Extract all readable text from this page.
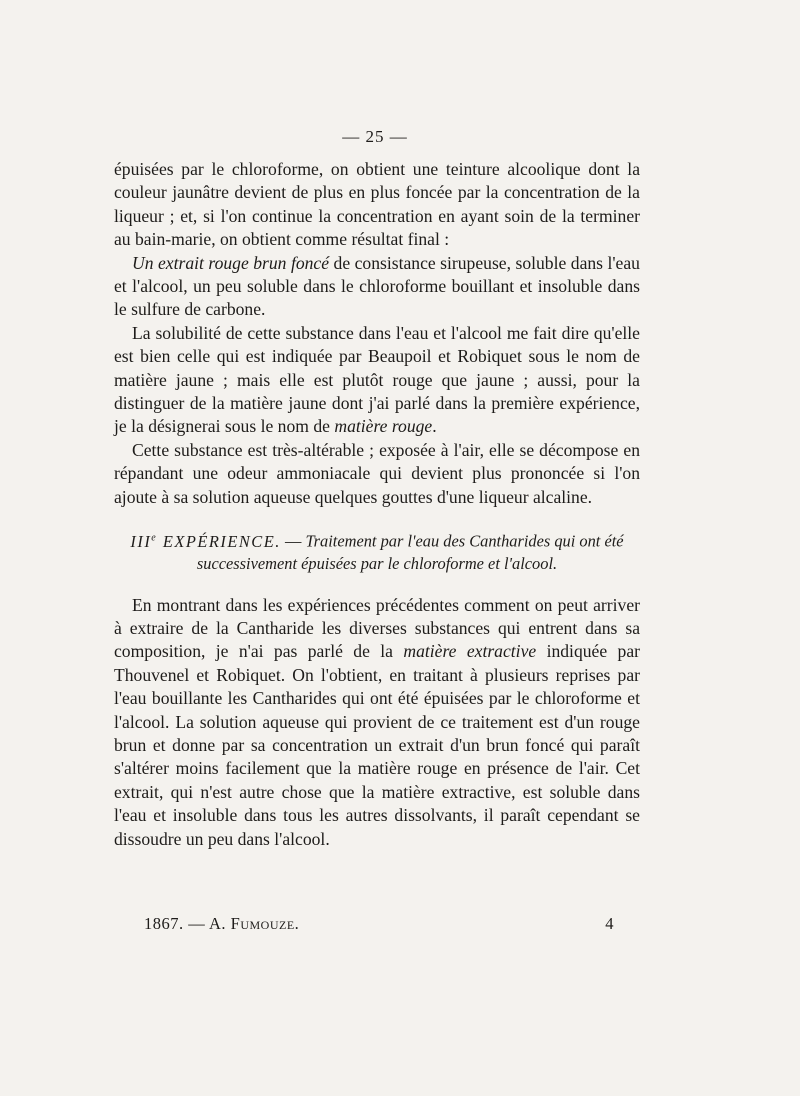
— 25 —

épuisées par le chloroforme, on obtient une teinture alcoolique dont la couleur jaunâtre devient de plus en plus foncée par la concentration de la liqueur ; et, si l'on continue la concentration en ayant soin de la terminer au bain-marie, on obtient comme résultat final :

Un extrait rouge brun foncé de consistance sirupeuse, soluble dans l'eau et l'alcool, un peu soluble dans le chloroforme bouillant et insoluble dans le sulfure de carbone.

La solubilité de cette substance dans l'eau et l'alcool me fait dire qu'elle est bien celle qui est indiquée par Beaupoil et Robiquet sous le nom de matière jaune ; mais elle est plutôt rouge que jaune ; aussi, pour la distinguer de la matière jaune dont j'ai parlé dans la première expérience, je la désignerai sous le nom de matière rouge.

Cette substance est très-altérable ; exposée à l'air, elle se décompose en répandant une odeur ammoniacale qui devient plus prononcée si l'on ajoute à sa solution aqueuse quelques gouttes d'une liqueur alcaline.

IIIe EXPÉRIENCE. — Traitement par l'eau des Cantharides qui ont été successivement épuisées par le chloroforme et l'alcool.

En montrant dans les expériences précédentes comment on peut arriver à extraire de la Cantharide les diverses substances qui entrent dans sa composition, je n'ai pas parlé de la matière extractive indiquée par Thouvenel et Robiquet. On l'obtient, en traitant à plusieurs reprises par l'eau bouillante les Cantharides qui ont été épuisées par le chloroforme et l'alcool. La solution aqueuse qui provient de ce traitement est d'un rouge brun et donne par sa concentration un extrait d'un brun foncé qui paraît s'altérer moins facilement que la matière rouge en présence de l'air. Cet extrait, qui n'est autre chose que la matière extractive, est soluble dans l'eau et insoluble dans tous les autres dissolvants, il paraît cependant se dissoudre un peu dans l'alcool.

1867. — A. Fumouze.	4
